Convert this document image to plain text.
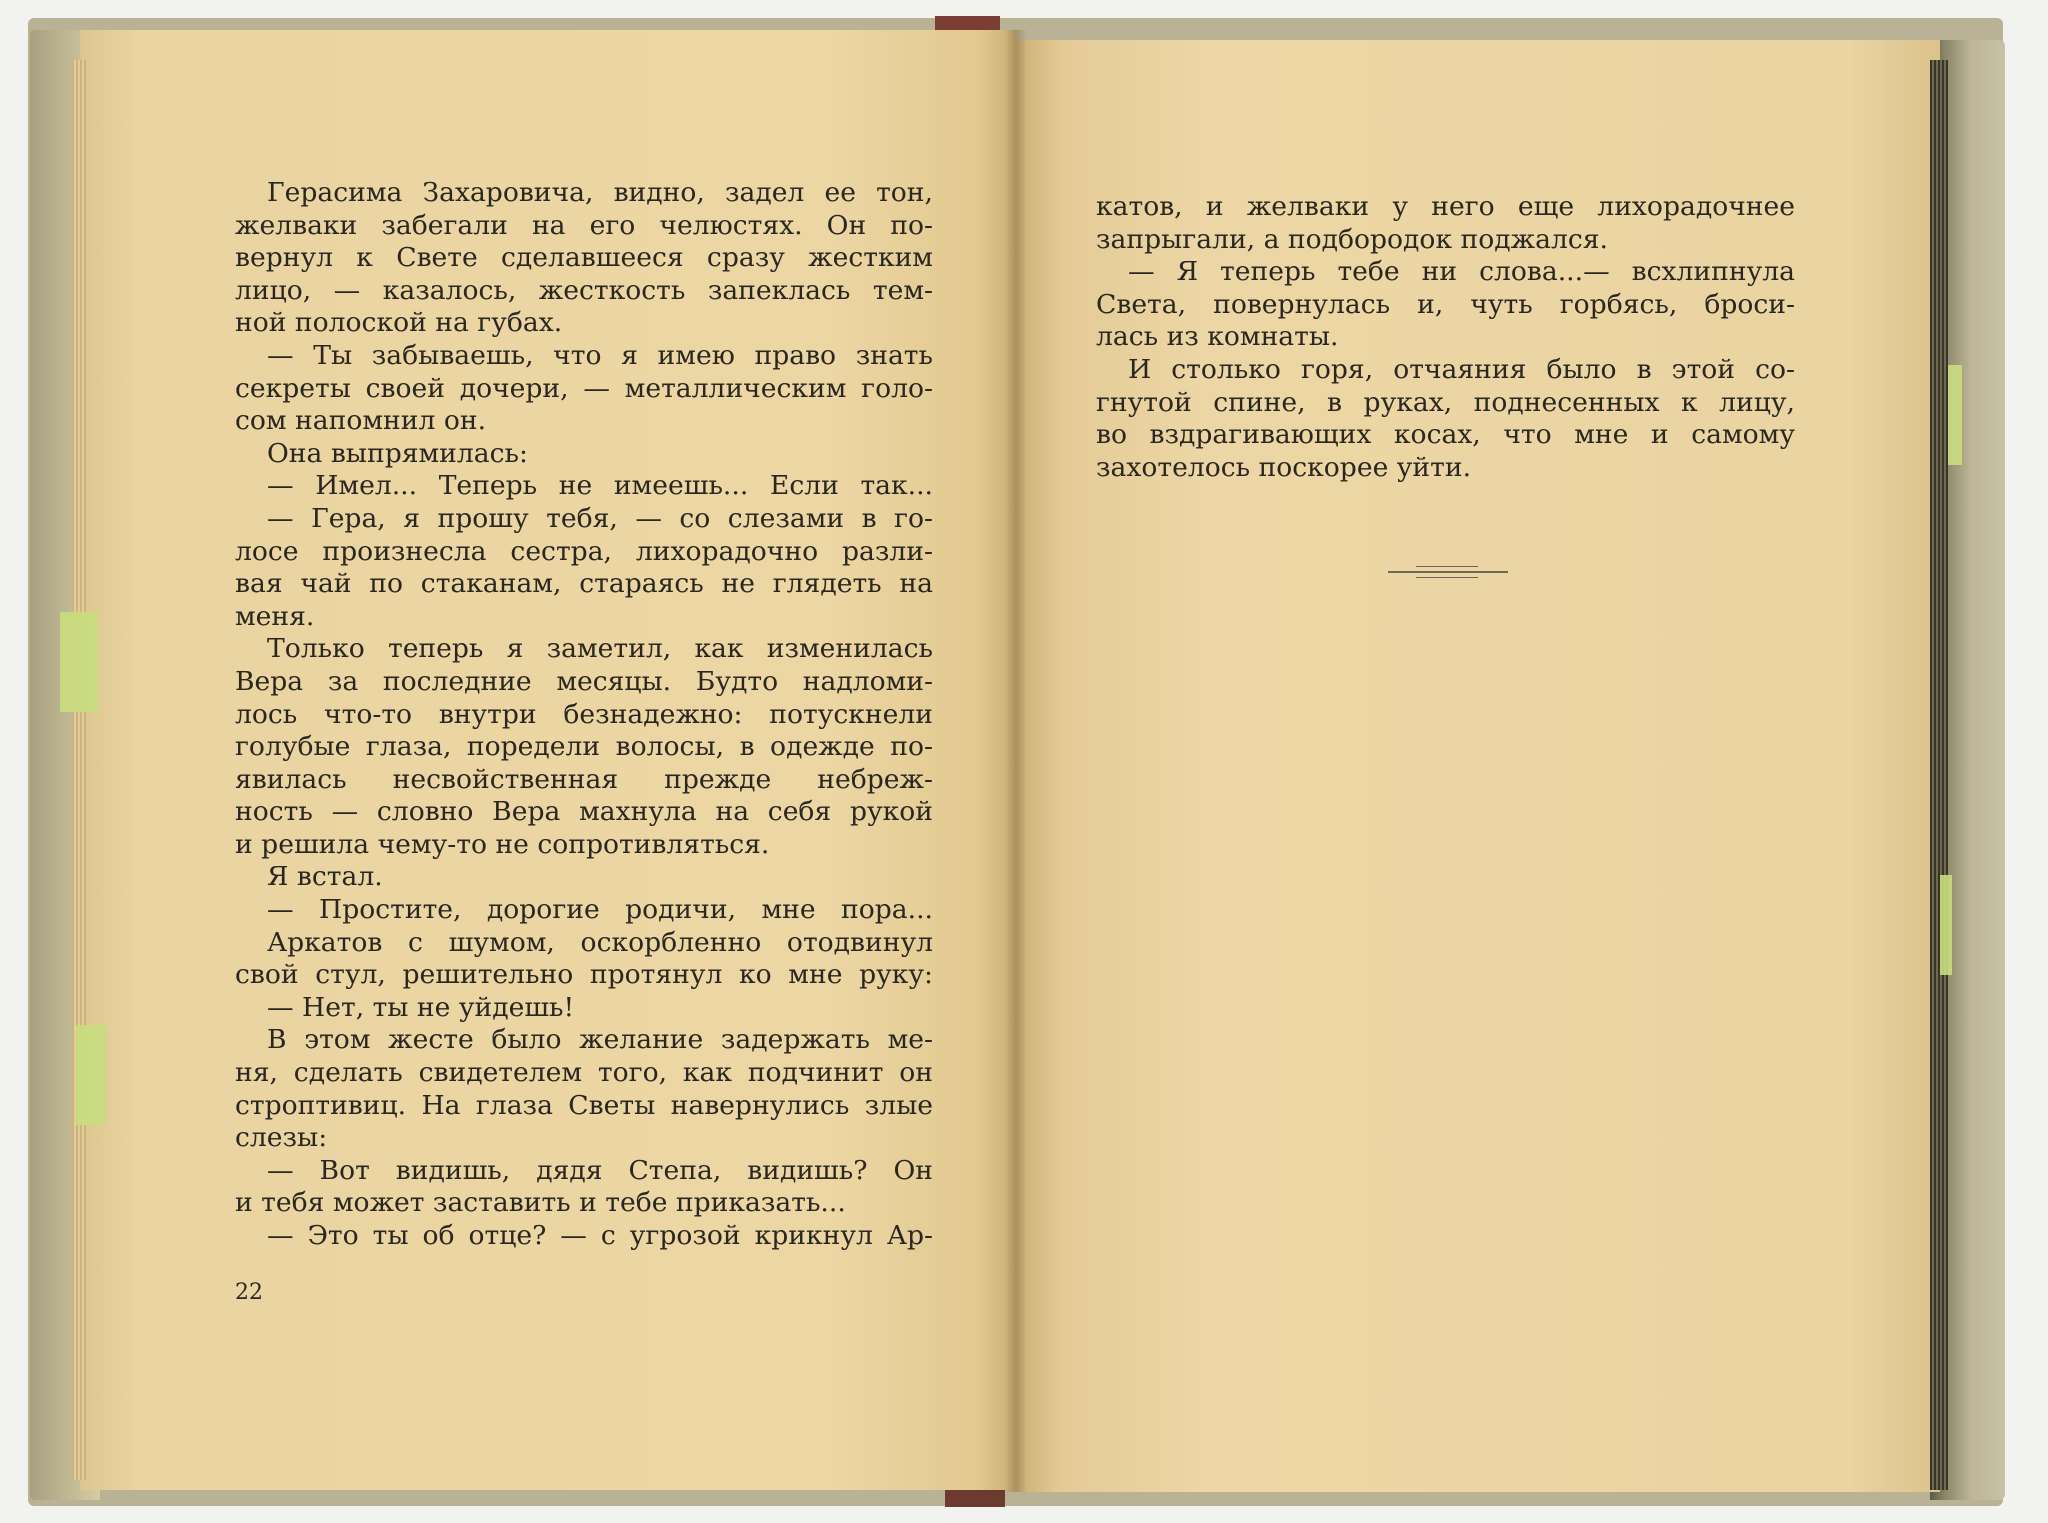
Герасима Захаровича, видно, задел ее тон,
желваки забегали на его челюстях. Он по-
вернул к Свете сделавшееся сразу жестким
лицо, — казалось, жесткость запеклась тем-
ной полоской на губах.
— Ты забываешь, что я имею право знать
секреты своей дочери, — металлическим голо-
сом напомнил он.
Она выпрямилась:
— Имел... Теперь не имеешь... Если так...
— Гера, я прошу тебя, — со слезами в го-
лосе произнесла сестра, лихорадочно разли-
вая чай по стаканам, стараясь не глядеть на
меня.
Только теперь я заметил, как изменилась
Вера за последние месяцы. Будто надломи-
лось что-то внутри безнадежно: потускнели
голубые глаза, поредели волосы, в одежде по-
явилась несвойственная прежде небреж-
ность — словно Вера махнула на себя рукой
и решила чему-то не сопротивляться.
Я встал.
— Простите, дорогие родичи, мне пора...
Аркатов с шумом, оскорбленно отодвинул
свой стул, решительно протянул ко мне руку:
— Нет, ты не уйдешь!
В этом жесте было желание задержать ме-
ня, сделать свидетелем того, как подчинит он
строптивиц. На глаза Светы навернулись злые
слезы:
— Вот видишь, дядя Степа, видишь? Он
и тебя может заставить и тебе приказать...
— Это ты об отце? — с угрозой крикнул Ар-
22
катов, и желваки у него еще лихорадочнее
запрыгали, а подбородок поджался.
— Я теперь тебе ни слова...— всхлипнула
Света, повернулась и, чуть горбясь, броси-
лась из комнаты.
И столько горя, отчаяния было в этой со-
гнутой спине, в руках, поднесенных к лицу,
во вздрагивающих косах, что мне и самому
захотелось поскорее уйти.
